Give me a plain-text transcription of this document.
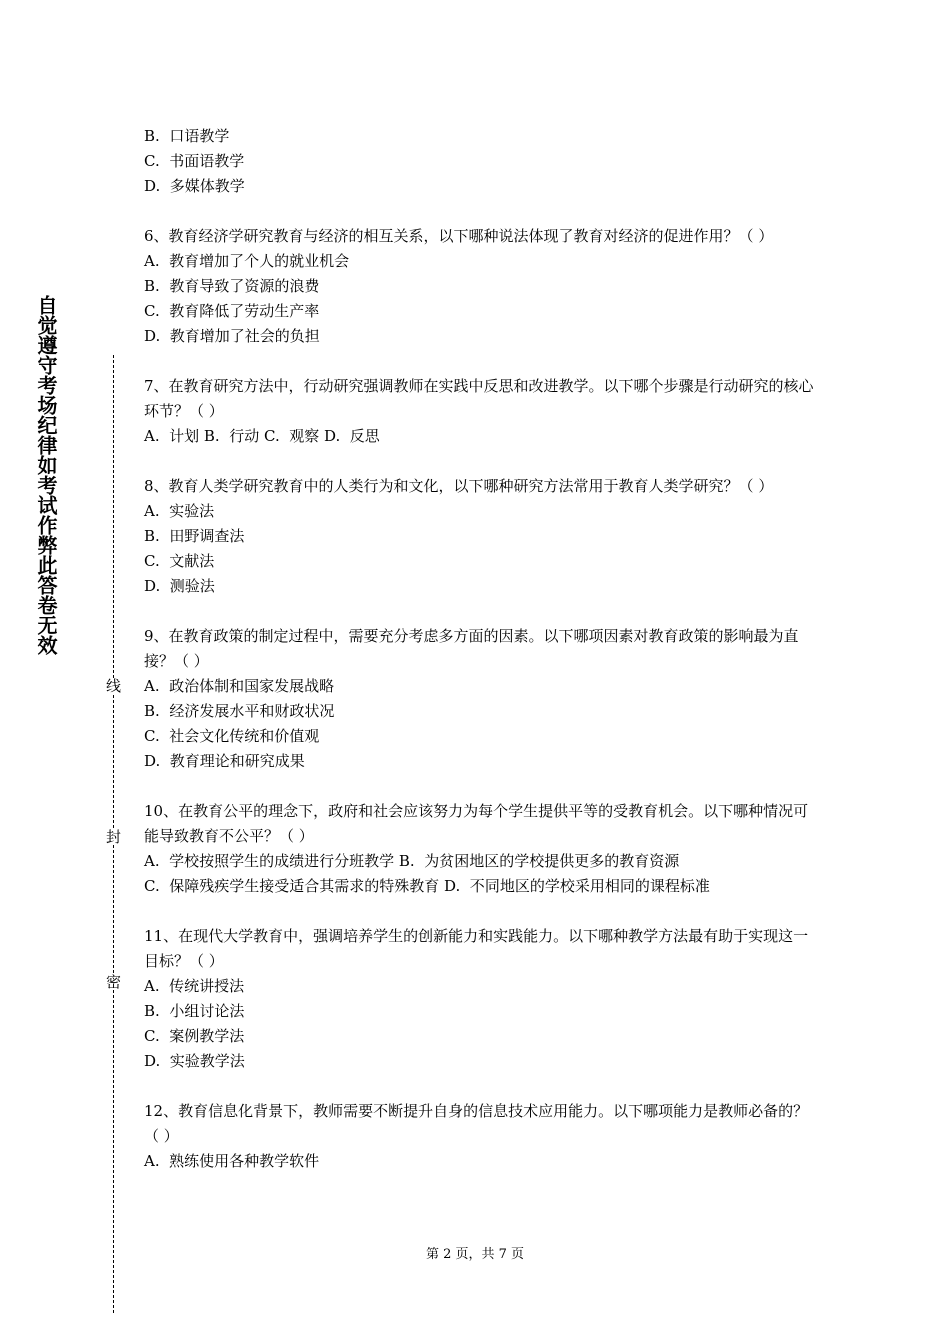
自觉遵守考场纪律如考试作弊此答卷无效
线
封
密
B.  口语教学
C.  书面语教学
D.  多媒体教学
6、教育经济学研究教育与经济的相互关系，以下哪种说法体现了教育对经济的促进作用？（ ）
A.  教育增加了个人的就业机会
B.  教育导致了资源的浪费
C.  教育降低了劳动生产率
D.  教育增加了社会的负担
7、在教育研究方法中，行动研究强调教师在实践中反思和改进教学。以下哪个步骤是行动研究的核心环节？（ ）
A.  计划 B.  行动 C.  观察 D.  反思
8、教育人类学研究教育中的人类行为和文化，以下哪种研究方法常用于教育人类学研究？（ ）
A.  实验法
B.  田野调查法
C.  文献法
D.  测验法
9、在教育政策的制定过程中，需要充分考虑多方面的因素。以下哪项因素对教育政策的影响最为直接？（ ）
A.  政治体制和国家发展战略
B.  经济发展水平和财政状况
C.  社会文化传统和价值观
D.  教育理论和研究成果
10、在教育公平的理念下，政府和社会应该努力为每个学生提供平等的受教育机会。以下哪种情况可能导致教育不公平？（ ）
A.  学校按照学生的成绩进行分班教学 B.  为贫困地区的学校提供更多的教育资源
C.  保障残疾学生接受适合其需求的特殊教育 D.  不同地区的学校采用相同的课程标准
11、在现代大学教育中，强调培养学生的创新能力和实践能力。以下哪种教学方法最有助于实现这一目标？（ ）
A.  传统讲授法
B.  小组讨论法
C.  案例教学法
D.  实验教学法
12、教育信息化背景下，教师需要不断提升自身的信息技术应用能力。以下哪项能力是教师必备的？（ ）
A.  熟练使用各种教学软件
第 2 页，共 7 页
